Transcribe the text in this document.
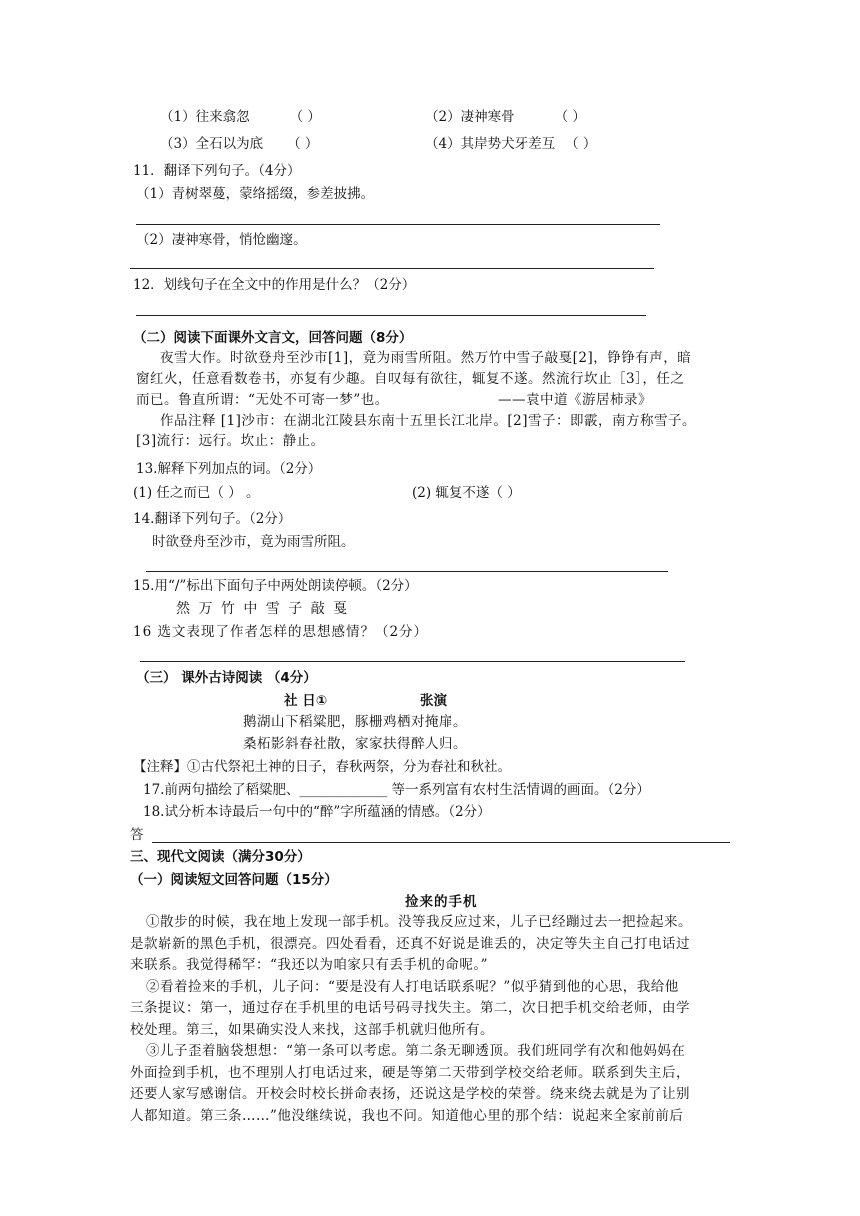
（1）往来翕忽	（ ）	（2）凄神寒骨	（ ）
（3）全石以为底 （ ）	（4）其岸势犬牙差互 （ ）
11．翻译下列句子。（4分）
（1）青树翠蔓，蒙络摇缀，参差披拂。
（2）凄神寒骨，悄怆幽邃。
12．划线句子在全文中的作用是什么？（2分）
（二）阅读下面课外文言文，回答问题（8分）
夜雪大作。时欲登舟至沙市[1]，竟为雨雪所阻。然万竹中雪子敲戛[2]，铮铮有声，暗
窗红火，任意看数卷书，亦复有少趣。自叹每有欲往，辄复不遂。然流行坎止［3］，任之
而已。鲁直所谓：“无处不可寄一梦”也。	——袁中道《游居柿录》
作品注释 [1]沙市：在湖北江陵县东南十五里长江北岸。[2]雪子：即霰，南方称雪子。
[3]流行：远行。坎止：静止。
13.解释下列加点的词。（2分）
(1) 任之而已（ ） 。	(2) 辄复不遂（ ）
14.翻译下列句子。（2分）
时欲登舟至沙市，竟为雨雪所阻。
15.用“/”标出下面句子中两处朗读停顿。（2分）
然 万 竹 中 雪 子 敲 戛
16 选文表现了作者怎样的思想感情？（2分）
（三） 课外古诗阅读 （4分）
社 日①	张演
鹅湖山下稻粱肥，豚栅鸡栖对掩扉。
桑柘影斜春社散，家家扶得醉人归。
【注释】①古代祭祀土神的日子，春秋两祭，分为春社和秋社。
17.前两句描绘了稻粱肥、_____________ 等一系列富有农村生活情调的画面。（2分）
18.试分析本诗最后一句中的“醉”字所蕴涵的情感。（2分）
答
三、现代文阅读（满分30分）
（一）阅读短文回答问题（15分）
捡来的手机
①散步的时候，我在地上发现一部手机。没等我反应过来，儿子已经蹦过去一把捡起来。
是款崭新的黑色手机，很漂亮。四处看看，还真不好说是谁丢的，决定等失主自己打电话过
来联系。我觉得稀罕：“我还以为咱家只有丢手机的命呢。”
②看着捡来的手机，儿子问：“要是没有人打电话联系呢？”似乎猜到他的心思，我给他
三条提议：第一，通过存在手机里的电话号码寻找失主。第二，次日把手机交给老师，由学
校处理。第三，如果确实没人来找，这部手机就归他所有。
③儿子歪着脑袋想想：“第一条可以考虑。第二条无聊透顶。我们班同学有次和他妈妈在
外面捡到手机，也不理别人打电话过来，硬是等第二天带到学校交给老师。联系到失主后，
还要人家写感谢信。开校会时校长拼命表扬，还说这是学校的荣誉。绕来绕去就是为了让别
人都知道。第三条……”他没继续说，我也不问。知道他心里的那个结：说起来全家前前后
